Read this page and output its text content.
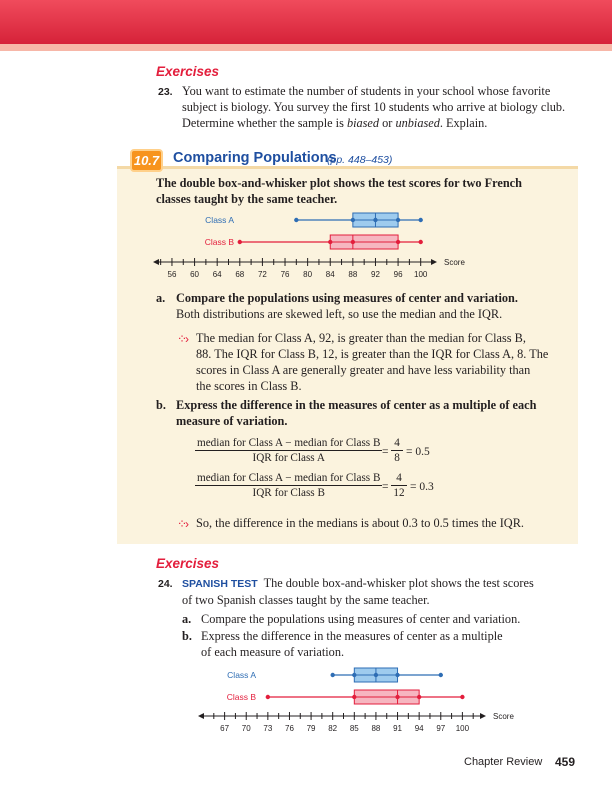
Exercises
23. You want to estimate the number of students in your school whose favorite
subject is biology. You survey the first 10 students who arrive at biology club.
Determine whether the sample is biased or unbiased. Explain.
10.7 Comparing Populations
(pp. 448–453)
The double box-and-whisker plot shows the test scores for two French
classes taught by the same teacher.
56 60 64 68 72 76 80 84 88 92 96 100
Score
Class A
Class B
a. Compare the populations using measures of center and variation.
Both distributions are skewed left, so use the median and the IQR.
⁘› The median for Class A, 92, is greater than the median for Class B,
88. The IQR for Class B, 12, is greater than the IQR for Class A, 8. The
scores in Class A are generally greater and have less variability than
the scores in Class B.
b. Express the difference in the measures of center as a multiple of each
measure of variation.
median for Class A − median for Class B
IQR for Class A	= $\frac{4}{8} = 0.5$
median for Class A − median for Class B
IQR for Class B	= $\frac{4}{12} = 0.3$
⁘› So, the difference in the medians is about 0.3 to 0.5 times the IQR.
Exercises
24. SPANISH TEST The double box-and-whisker plot shows the test scores
of two Spanish classes taught by the same teacher.
a. Compare the populations using measures of center and variation.
b. Express the difference in the measures of center as a multiple
of each measure of variation.
67 70 73 76 79 82 85 88 91 94 97 100
Score
Class A
Class B
Chapter Review 459
